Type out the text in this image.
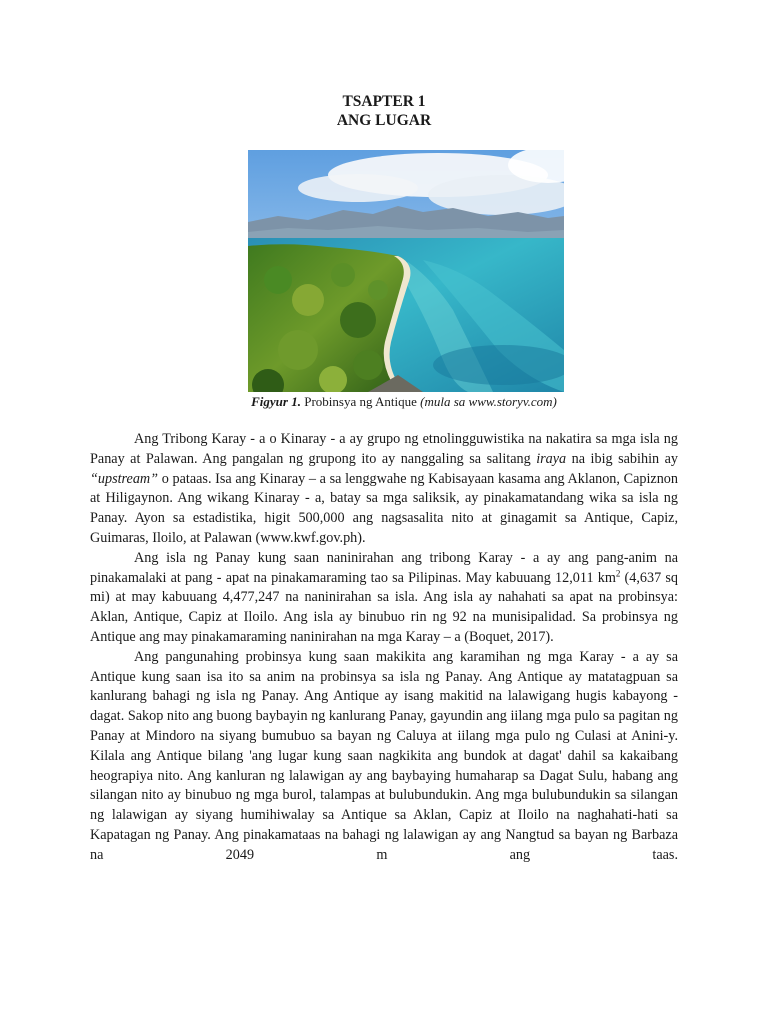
TSAPTER 1
ANG LUGAR
Figyur 1. Probinsya ng Antique (mula sa www.storyv.com)

Ang Tribong Karay - a o Kinaray - a ay grupo ng etnolingguwistika na nakatira sa mga isla ng Panay at Palawan. Ang pangalan ng grupong ito ay nanggaling sa salitang iraya na ibig sabihin ay “upstream” o pataas. Isa ang Kinaray – a sa lenggwahe ng Kabisayaan kasama ang Aklanon, Capiznon at Hiligaynon. Ang wikang Kinaray - a, batay sa mga saliksik, ay pinakamatandang wika sa isla ng Panay. Ayon sa estadistika, higit 500,000 ang nagsasalita nito at ginagamit sa Antique, Capiz, Guimaras, Iloilo, at Palawan (www.kwf.gov.ph).

Ang isla ng Panay kung saan naninirahan ang tribong Karay - a ay ang pang-anim na pinakamalaki at pang - apat na pinakamaraming tao sa Pilipinas. May kabuuang 12,011 $km^2$ (4,637 sq mi) at may kabuuang 4,477,247 na naninirahan sa isla. Ang isla ay nahahati sa apat na probinsya: Aklan, Antique, Capiz at Iloilo. Ang isla ay binubuo rin ng 92 na munisipalidad. Sa probinsya ng Antique ang may pinakamaraming naninirahan na mga Karay – a (Boquet, 2017).

Ang pangunahing probinsya kung saan makikita ang karamihan ng mga Karay - a ay sa Antique kung saan isa ito sa anim na probinsya sa isla ng Panay. Ang Antique ay matatagpuan sa kanlurang bahagi ng isla ng Panay. Ang Antique ay isang makitid na lalawigang hugis kabayong - dagat. Sakop nito ang buong baybayin ng kanlurang Panay, gayundin ang iilang mga pulo sa pagitan ng Panay at Mindoro na siyang bumubuo sa bayan ng Caluya at iilang mga pulo ng Culasi at Anini-y. Kilala ang Antique bilang 'ang lugar kung saan nagkikita ang bundok at dagat' dahil sa kakaibang heograpiya nito. Ang kanluran ng lalawigan ay ang baybaying humaharap sa Dagat Sulu, habang ang silangan nito ay binubuo ng mga burol, talampas at bulubundukin. Ang mga bulubundukin sa silangan ng lalawigan ay siyang humihiwalay sa Antique sa Aklan, Capiz at Iloilo na naghahati-hati sa Kapatagan ng Panay. Ang pinakamataas na bahagi ng lalawigan ay ang Nangtud sa bayan ng Barbaza na 2049 m ang taas.
